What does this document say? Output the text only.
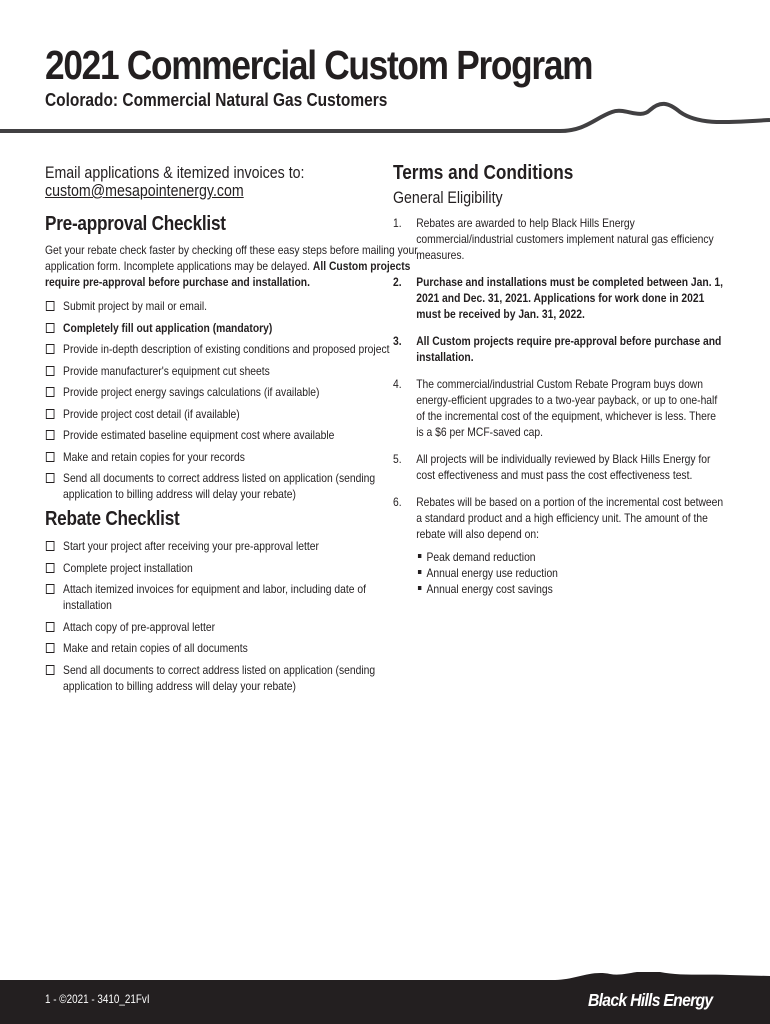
2021 Commercial Custom Program
Colorado: Commercial Natural Gas Customers
Email applications & itemized invoices to:
custom@mesapointenergy.com
Pre-approval Checklist
Get your rebate check faster by checking off these easy steps before mailing your application form. Incomplete applications may be delayed. All Custom projects require pre-approval before purchase and installation.
Submit project by mail or email.
Completely fill out application (mandatory)
Provide in-depth description of existing conditions and proposed project
Provide manufacturer's equipment cut sheets
Provide project energy savings calculations (if available)
Provide project cost detail (if available)
Provide estimated baseline equipment cost where available
Make and retain copies for your records
Send all documents to correct address listed on application (sending application to billing address will delay your rebate)
Rebate Checklist
Start your project after receiving your pre-approval letter
Complete project installation
Attach itemized invoices for equipment and labor, including date of installation
Attach copy of pre-approval letter
Make and retain copies of all documents
Send all documents to correct address listed on application (sending application to billing address will delay your rebate)
Terms and Conditions
General Eligibility
1. Rebates are awarded to help Black Hills Energy commercial/industrial customers implement natural gas efficiency measures.
2. Purchase and installations must be completed between Jan. 1, 2021 and Dec. 31, 2021. Applications for work done in 2021 must be received by Jan. 31, 2022.
3. All Custom projects require pre-approval before purchase and installation.
4. The commercial/industrial Custom Rebate Program buys down energy-efficient upgrades to a two-year payback, or up to one-half of the incremental cost of the equipment, whichever is less. There is a $6 per MCF-saved cap.
5. All projects will be individually reviewed by Black Hills Energy for cost effectiveness and must pass the cost effectiveness test.
6. Rebates will be based on a portion of the incremental cost between a standard product and a high efficiency unit. The amount of the rebate will also depend on:
Peak demand reduction
Annual energy use reduction
Annual energy cost savings
1 - ©2021 - 3410_21FvI	Black Hills Energy
